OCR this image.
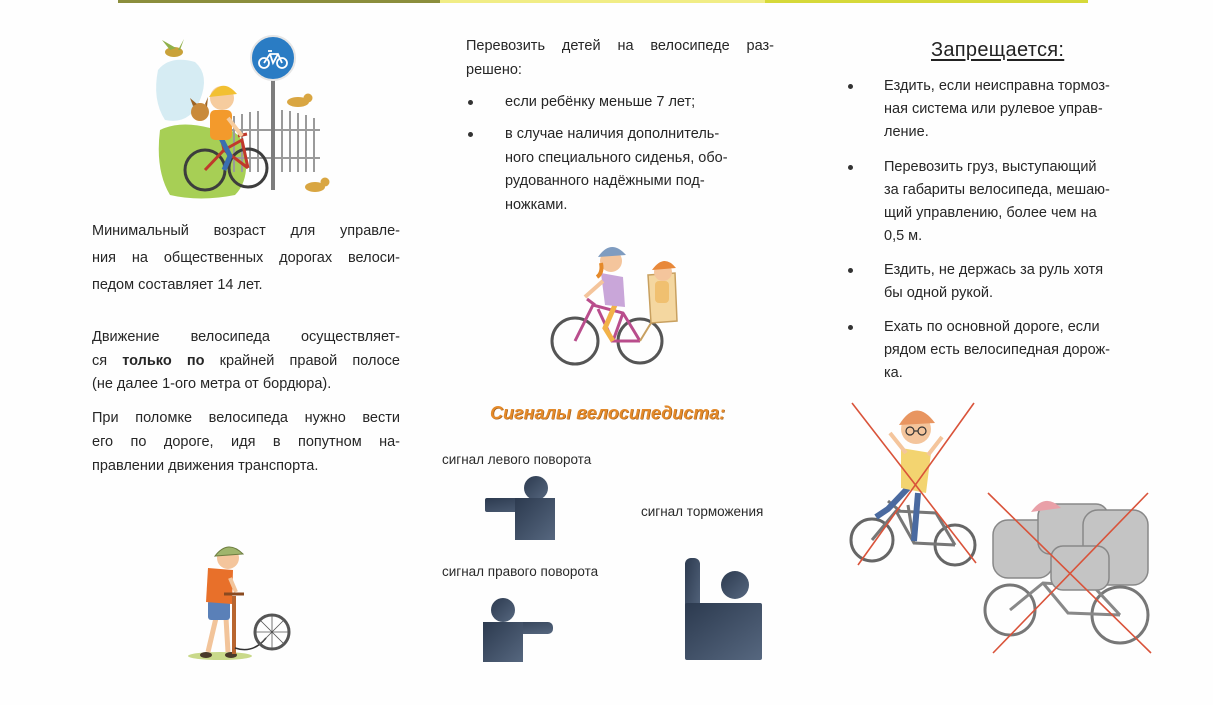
Минимальный возраст для управле-
ния на общественных дорогах велоси-
педом составляет 14 лет.
Движение велосипеда осуществляет-
ся только по крайней правой полосе
(не далее 1-ого метра от бордюра).
При поломке велосипеда нужно вести
его по дороге, идя в попутном на-
правлении движения транспорта.
Перевозить детей на велосипеде раз-
решено:
если ребёнку меньше 7 лет;
в случае наличия дополнитель-
ного специального сиденья, обо-
рудованного надёжными под-
ножками.
Сигналы велосипедиста:
сигнал левого поворота
сигнал торможения
сигнал правого поворота
Запрещается:
Ездить, если неисправна тормоз-
ная система или рулевое управ-
ление.
Перевозить груз, выступающий
за габариты велосипеда, мешаю-
щий управлению, более чем на
0,5 м.
Ездить, не держась за руль хотя
бы одной рукой.
Ехать по основной дороге, если
рядом есть велосипедная дорож-
ка.
